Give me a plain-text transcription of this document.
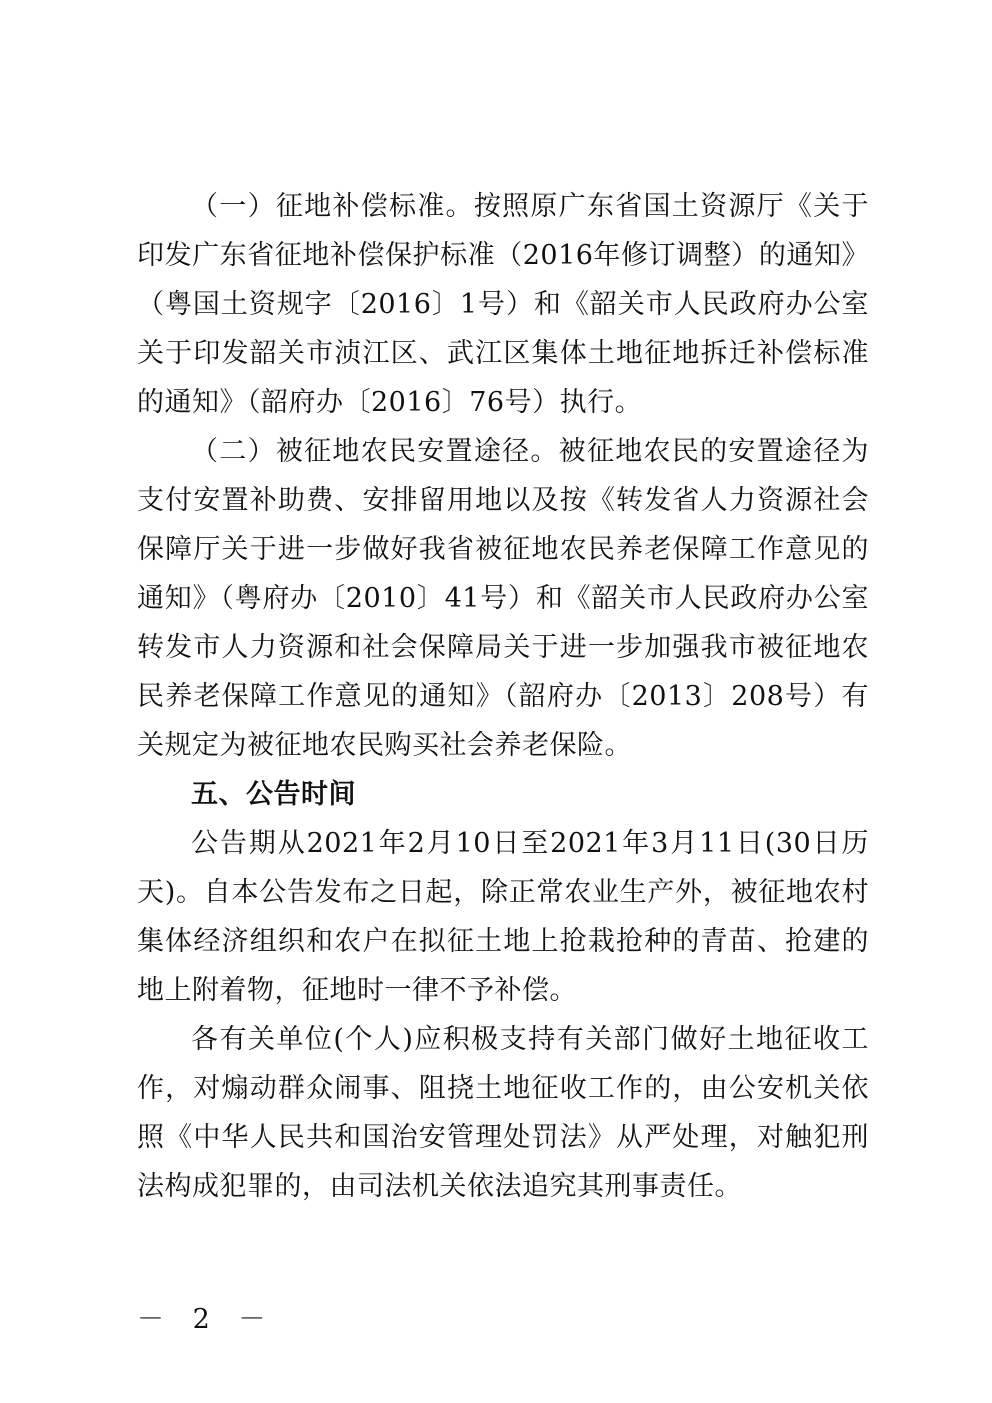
（一）征地补偿标准。按照原广东省国土资源厅《关于印发广东省征地补偿保护标准（2016年修订调整）的通知》（粤国土资规字〔2016〕1号）和《韶关市人民政府办公室关于印发韶关市浈江区、武江区集体土地征地拆迁补偿标准的通知》（韶府办〔2016〕76号）执行。

（二）被征地农民安置途径。被征地农民的安置途径为支付安置补助费、安排留用地以及按《转发省人力资源社会保障厅关于进一步做好我省被征地农民养老保障工作意见的通知》（粤府办〔2010〕41号）和《韶关市人民政府办公室转发市人力资源和社会保障局关于进一步加强我市被征地农民养老保障工作意见的通知》（韶府办〔2013〕208号）有关规定为被征地农民购买社会养老保险。

五、公告时间

公告期从2021年2月10日至2021年3月11日(30日历天)。自本公告发布之日起，除正常农业生产外，被征地农村集体经济组织和农户在拟征土地上抢栽抢种的青苗、抢建的地上附着物，征地时一律不予补偿。

各有关单位(个人)应积极支持有关部门做好土地征收工作，对煽动群众闹事、阻挠土地征收工作的，由公安机关依照《中华人民共和国治安管理处罚法》从严处理，对触犯刑法构成犯罪的，由司法机关依法追究其刑事责任。

－ 2 －
